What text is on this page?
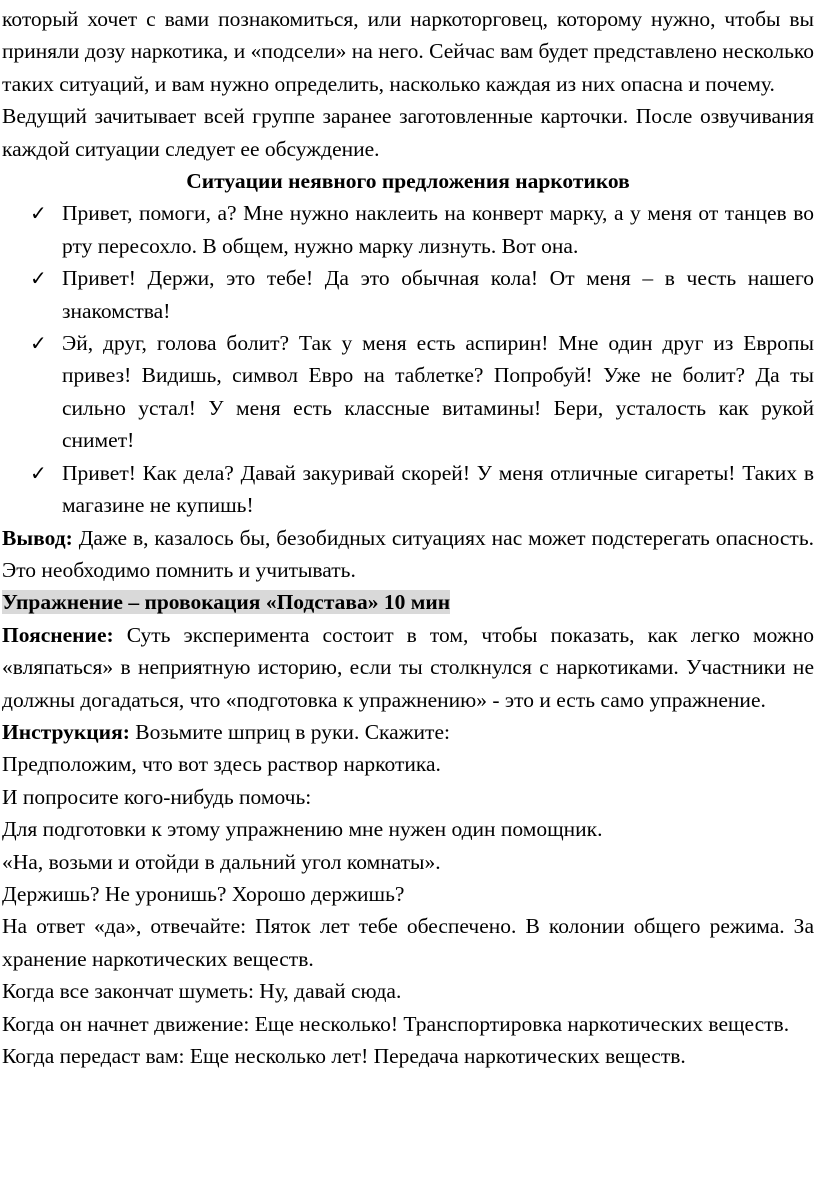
который хочет с вами познакомиться, или наркоторговец, которому нужно, чтобы вы приняли дозу наркотика, и «подсели» на него. Сейчас вам будет представлено несколько таких ситуаций, и вам нужно определить, насколько каждая из них опасна и почему.

Ведущий зачитывает всей группе заранее заготовленные карточки. После озвучивания каждой ситуации следует ее обсуждение.

Ситуации неявного предложения наркотиков

✓ Привет, помоги, а? Мне нужно наклеить на конверт марку, а у меня от танцев во рту пересохло. В общем, нужно марку лизнуть. Вот она.
✓ Привет! Держи, это тебе! Да это обычная кола! От меня – в честь нашего знакомства!
✓ Эй, друг, голова болит? Так у меня есть аспирин! Мне один друг из Европы привез! Видишь, символ Евро на таблетке? Попробуй! Уже не болит? Да ты сильно устал! У меня есть классные витамины! Бери, усталость как рукой снимет!
✓ Привет! Как дела? Давай закуривай скорей! У меня отличные сигареты! Таких в магазине не купишь!

Вывод: Даже в, казалось бы, безобидных ситуациях нас может подстерегать опасность. Это необходимо помнить и учитывать.

Упражнение – провокация «Подстава» 10 мин

Пояснение: Суть эксперимента состоит в том, чтобы показать, как легко можно «вляпаться» в неприятную историю, если ты столкнулся с наркотиками. Участники не должны догадаться, что «подготовка к упражнению» - это и есть само упражнение.

Инструкция: Возьмите шприц в руки. Скажите:

Предположим, что вот здесь раствор наркотика.

И попросите кого-нибудь помочь:

Для подготовки к этому упражнению мне нужен один помощник.

«На, возьми и отойди в дальний угол комнаты».

Держишь? Не уронишь? Хорошо держишь?

На ответ «да», отвечайте: Пяток лет тебе обеспечено. В колонии общего режима. За хранение наркотических веществ.

Когда все закончат шуметь: Ну, давай сюда.

Когда он начнет движение: Еще несколько! Транспортировка наркотических веществ.

Когда передаст вам: Еще несколько лет! Передача наркотических веществ.
